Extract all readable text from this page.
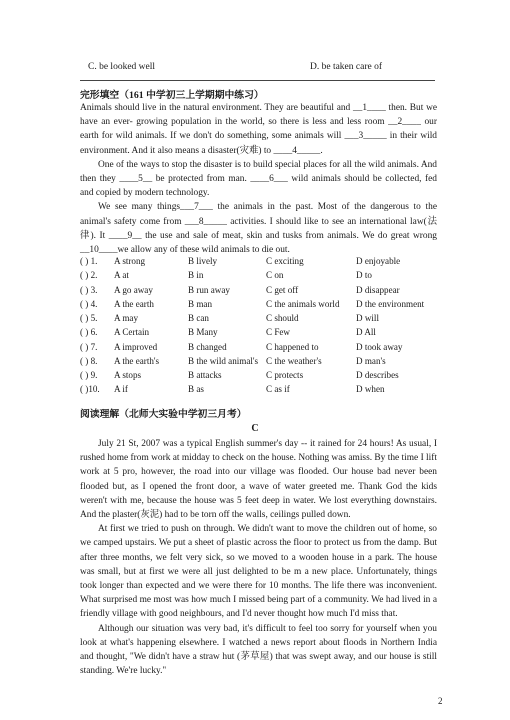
C. be looked well	D. be taken care of
完形填空（161 中学初三上学期期中练习）

Animals should live in the natural environment. They are beautiful and __1____ then. But we have an ever- growing population in the world, so there is less and less room __2____ our earth for wild animals. If we don't do something, some animals will ___3_____ in their wild environment. And it also means a disaster(灾难) to ____4_____.

One of the ways to stop the disaster is to build special places for all the wild animals. And then they ____5__ be protected from man. ____6___ wild animals should be collected, fed and copied by modern technology.

We see many things___7___ the animals in the past. Most of the dangerous to the animal's safety come from ___8_____ activities. I should like to see an international law(法律). It ____9__ the use and sale of meat, skin and tusks from animals. We do great wrong __10____we allow any of these wild animals to die out.

( ) 1. A strong	B lively	C exciting	D enjoyable
( ) 2. A at	B in	C on	D to
( ) 3. A go away	B run away	C get off	D disappear
( ) 4. A the earth	B man	C the animals world D the environment
( ) 5. A may	B can	C should	D will
( ) 6. A Certain	B Many	C Few	D All
( ) 7. A improved	B changed	C happened to	D took away
( ) 8. A the earth's	B the wild animal's C the weather's	D man's
( ) 9. A stops	B attacks	C protects	D describes
( )10. A if	B as	C as if	D when
阅读理解（北师大实验中学初三月考）
C

July 21 St, 2007 was a typical English summer's day -- it rained for 24 hours! As usual, I rushed home from work at midday to check on the house. Nothing was amiss. By the time I lift work at 5 pro, however, the road into our village was flooded. Our house bad never been flooded but, as I opened the front door, a wave of water greeted me. Thank God the kids weren't with me, because the house was 5 feet deep in water. We lost everything downstairs. And the plaster(灰泥) had to be torn off the walls, ceilings pulled down.

At first we tried to push on through. We didn't want to move the children out of home, so we camped upstairs. We put a sheet of plastic across the floor to protect us from the damp. But after three months, we felt very sick, so we moved to a wooden house in a park. The house was small, but at first we were all just delighted to be m a new place. Unfortunately, things took longer than expected and we were there for 10 months. The life there was inconvenient. What surprised me most was how much I missed being part of a community. We had lived in a friendly village with good neighbours, and I'd never thought how much I'd miss that.

Although our situation was very bad, it's difficult to feel too sorry for yourself when you look at what's happening elsewhere. I watched a news report about floods in Northern India and thought, "We didn't have a straw hut (茅草屋) that was swept away, and our house is still standing. We're lucky."

2
